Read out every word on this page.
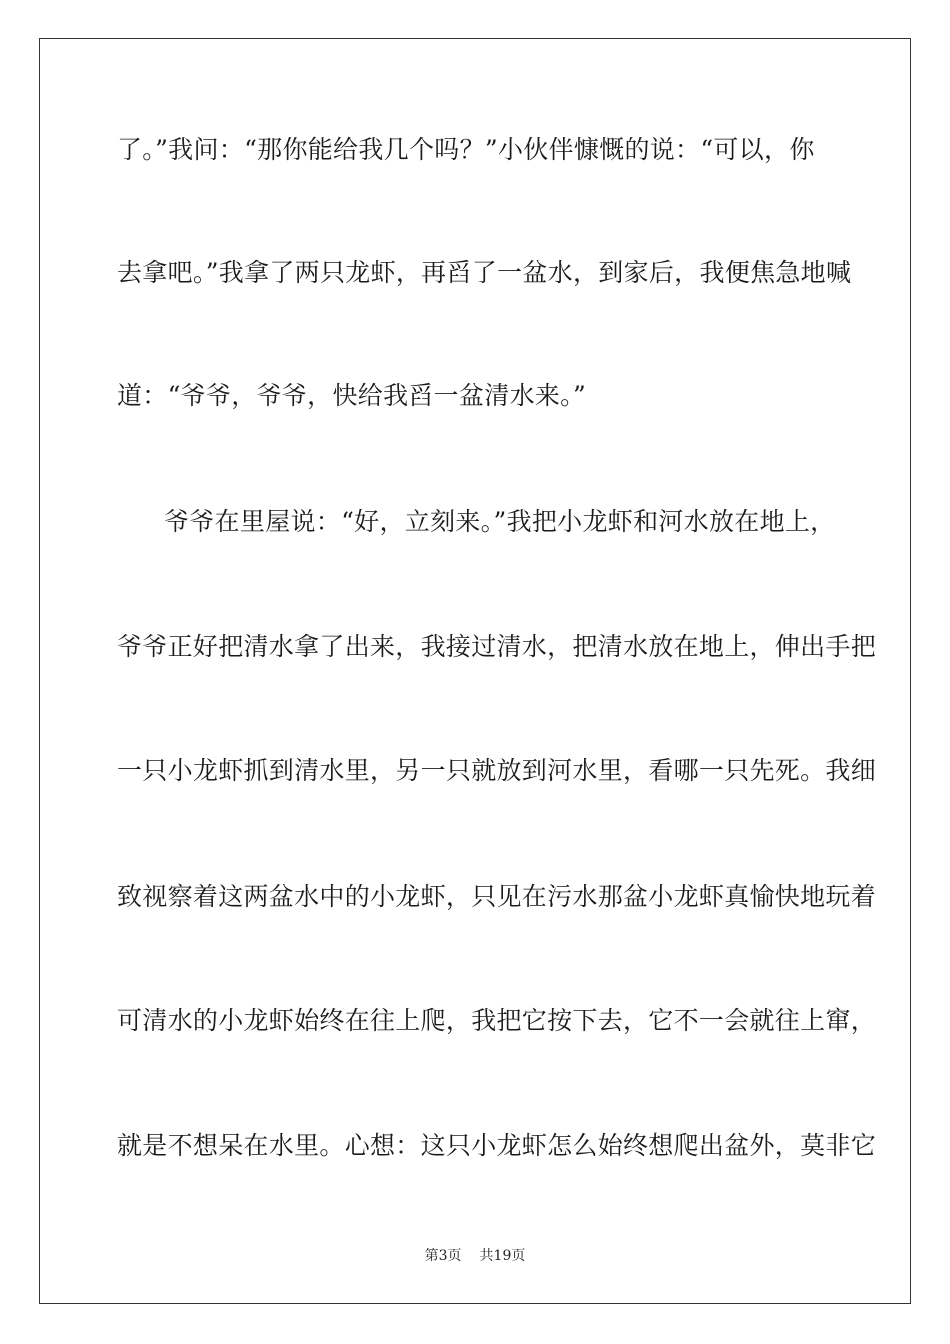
了。”我问：“那你能给我几个吗？”小伙伴慷慨的说：“可以，你
去拿吧。”我拿了两只龙虾，再舀了一盆水，到家后，我便焦急地喊
道：“爷爷，爷爷，快给我舀一盆清水来。”
爷爷在里屋说：“好，立刻来。”我把小龙虾和河水放在地上，
爷爷正好把清水拿了出来，我接过清水，把清水放在地上，伸出手把
一只小龙虾抓到清水里，另一只就放到河水里，看哪一只先死。我细
致视察着这两盆水中的小龙虾，只见在污水那盆小龙虾真愉快地玩着
可清水的小龙虾始终在往上爬，我把它按下去，它不一会就往上窜，
就是不想呆在水里。心想：这只小龙虾怎么始终想爬出盆外，莫非它
第3页 共19页
